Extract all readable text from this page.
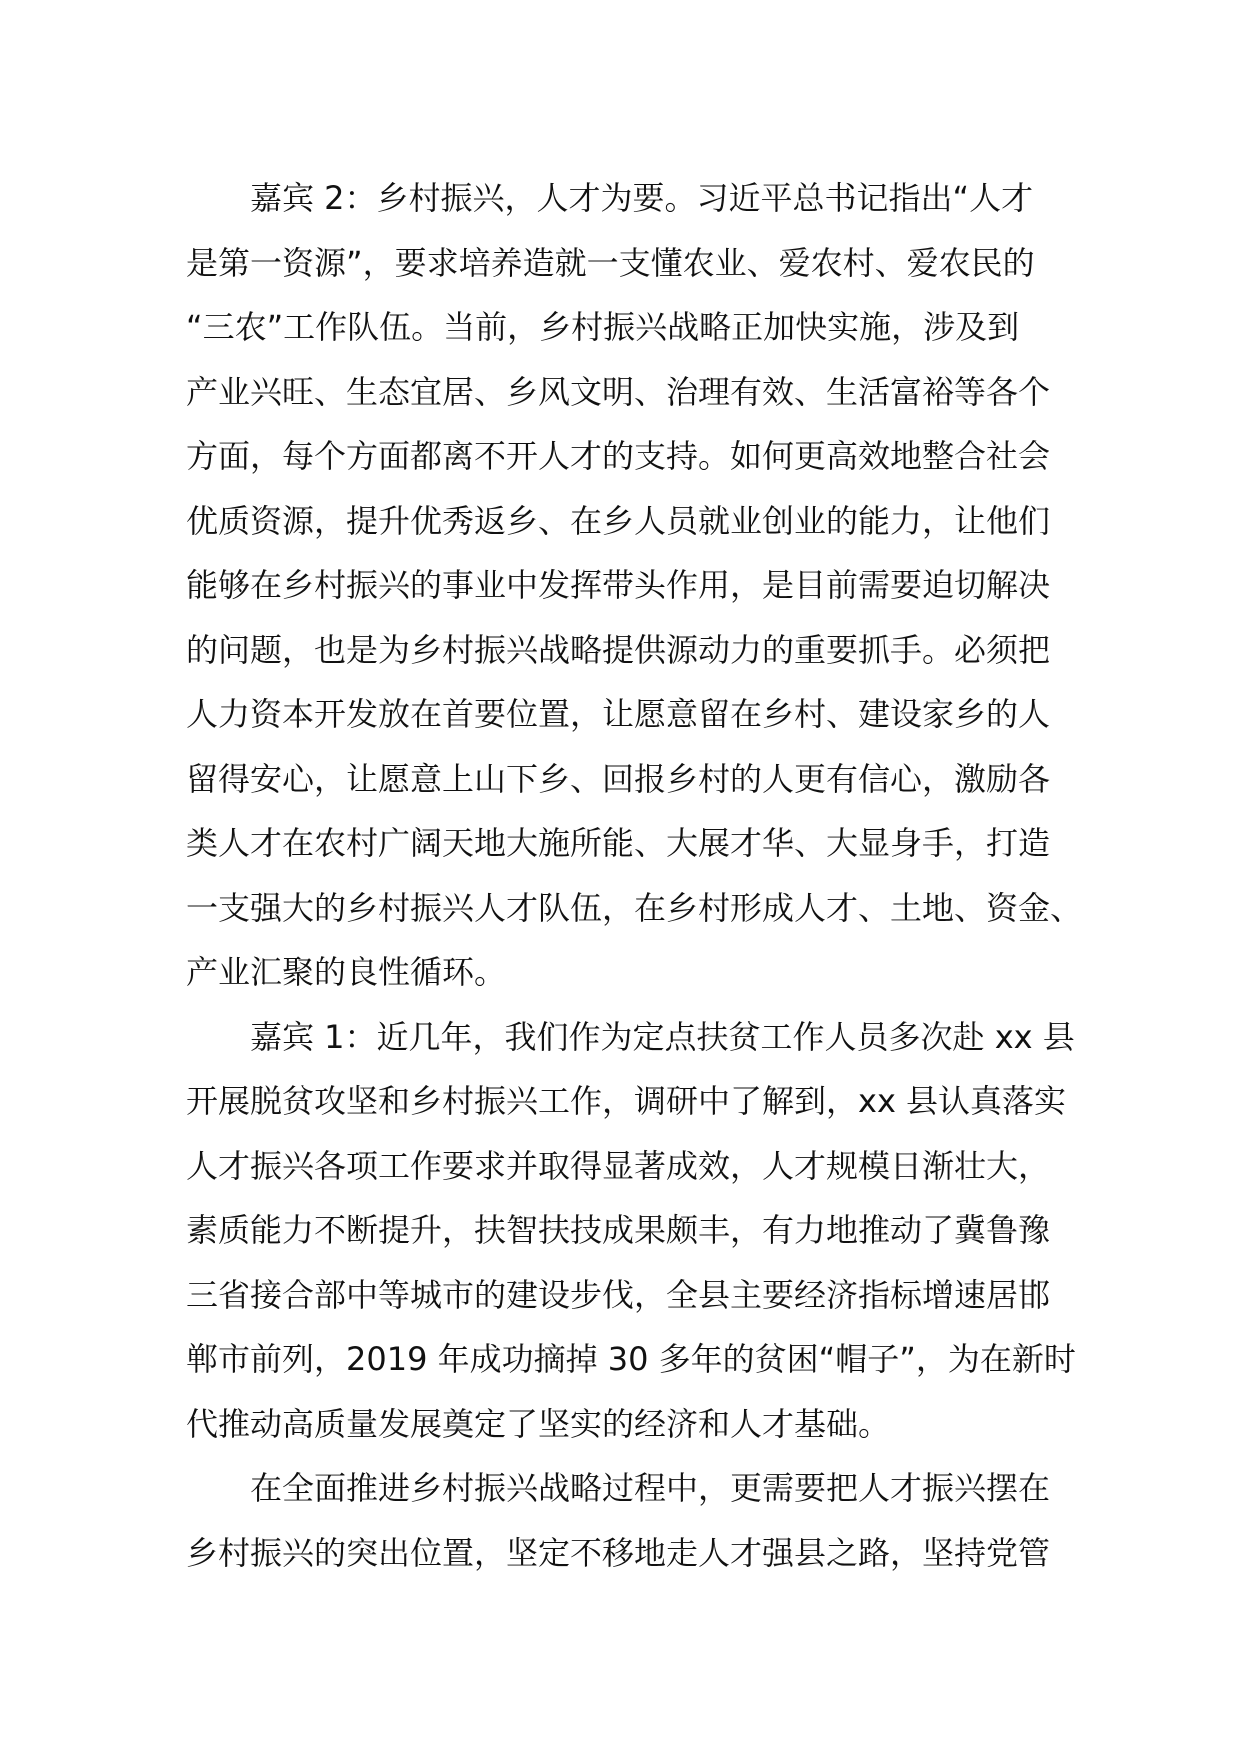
嘉宾 2：乡村振兴，人才为要。习近平总书记指出“人才
是第一资源”，要求培养造就一支懂农业、爱农村、爱农民的
“三农”工作队伍。当前，乡村振兴战略正加快实施，涉及到
产业兴旺、生态宜居、乡风文明、治理有效、生活富裕等各个
方面，每个方面都离不开人才的支持。如何更高效地整合社会
优质资源，提升优秀返乡、在乡人员就业创业的能力，让他们
能够在乡村振兴的事业中发挥带头作用，是目前需要迫切解决
的问题，也是为乡村振兴战略提供源动力的重要抓手。必须把
人力资本开发放在首要位置，让愿意留在乡村、建设家乡的人
留得安心，让愿意上山下乡、回报乡村的人更有信心，激励各
类人才在农村广阔天地大施所能、大展才华、大显身手，打造
一支强大的乡村振兴人才队伍，在乡村形成人才、土地、资金、
产业汇聚的良性循环。
嘉宾 1：近几年，我们作为定点扶贫工作人员多次赴 xx 县
开展脱贫攻坚和乡村振兴工作，调研中了解到，xx 县认真落实
人才振兴各项工作要求并取得显著成效，人才规模日渐壮大，
素质能力不断提升，扶智扶技成果颇丰，有力地推动了冀鲁豫
三省接合部中等城市的建设步伐，全县主要经济指标增速居邯
郸市前列，2019 年成功摘掉 30 多年的贫困“帽子”，为在新时
代推动高质量发展奠定了坚实的经济和人才基础。
在全面推进乡村振兴战略过程中，更需要把人才振兴摆在
乡村振兴的突出位置，坚定不移地走人才强县之路，坚持党管
